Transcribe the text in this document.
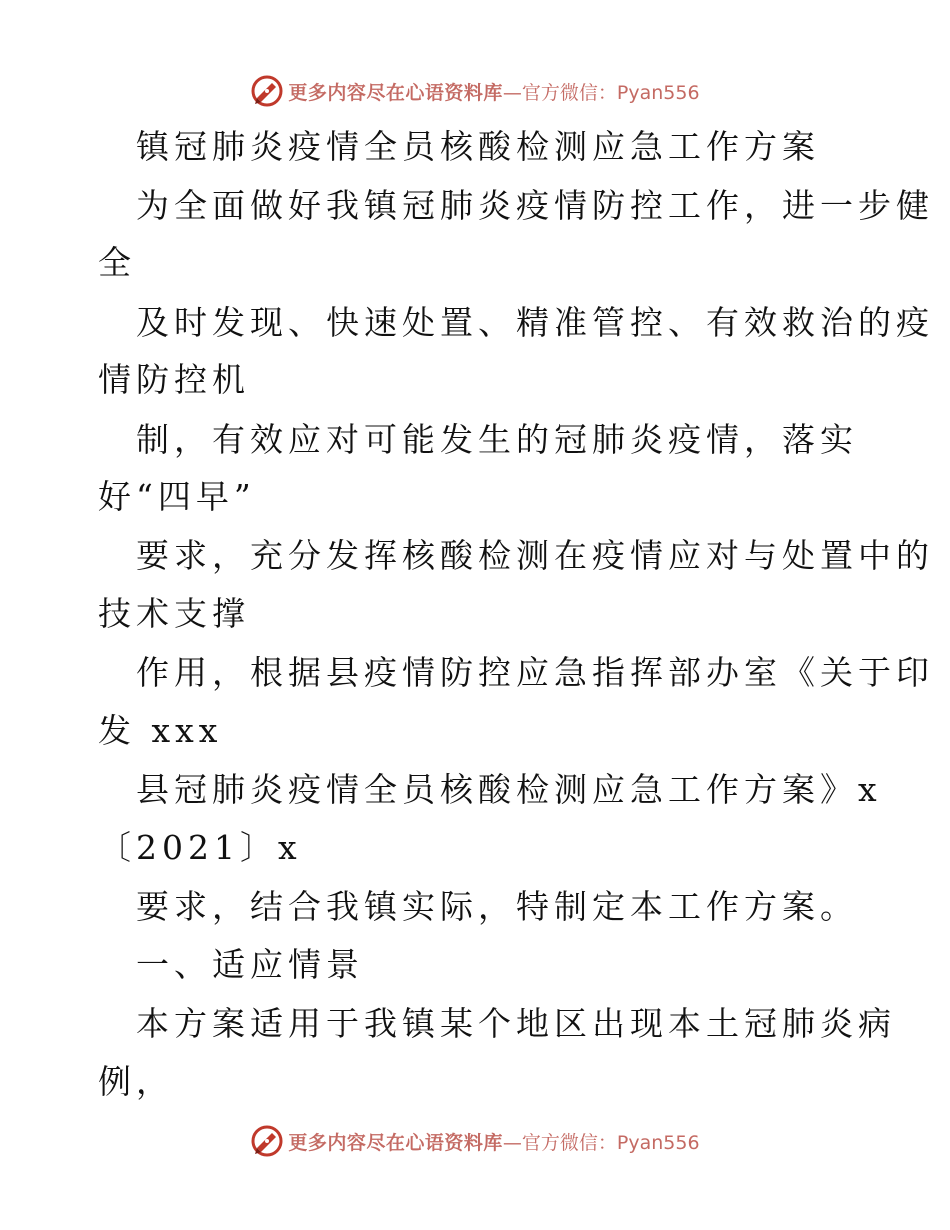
更多内容尽在心语资料库 — 官方微信：Pyan556
镇冠肺炎疫情全员核酸检测应急工作方案
为全面做好我镇冠肺炎疫情防控工作，进一步健
全
及时发现、快速处置、精准管控、有效救治的疫
情防控机
制，有效应对可能发生的冠肺炎疫情，落实
好“四早”
要求，充分发挥核酸检测在疫情应对与处置中的
技术支撑
作用，根据县疫情防控应急指挥部办室《关于印
发 xxx
县冠肺炎疫情全员核酸检测应急工作方案》x
〔2021〕x
要求，结合我镇实际，特制定本工作方案。
一、适应情景
本方案适用于我镇某个地区出现本土冠肺炎病
例，
更多内容尽在心语资料库 — 官方微信：Pyan556
